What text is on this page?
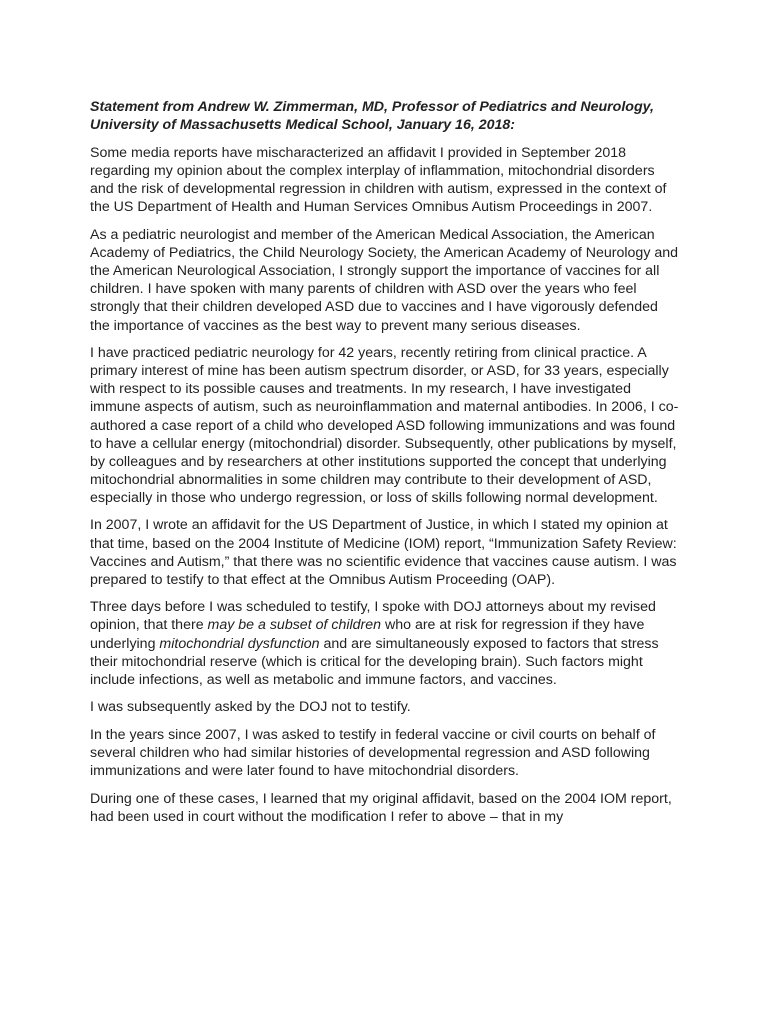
Statement from Andrew W. Zimmerman, MD, Professor of Pediatrics and Neurology, University of Massachusetts Medical School, January 16, 2018:

Some media reports have mischaracterized an affidavit I provided in September 2018 regarding my opinion about the complex interplay of inflammation, mitochondrial disorders and the risk of developmental regression in children with autism, expressed in the context of the US Department of Health and Human Services Omnibus Autism Proceedings in 2007.

As a pediatric neurologist and member of the American Medical Association, the American Academy of Pediatrics, the Child Neurology Society, the American Academy of Neurology and the American Neurological Association, I strongly support the importance of vaccines for all children. I have spoken with many parents of children with ASD over the years who feel strongly that their children developed ASD due to vaccines and I have vigorously defended the importance of vaccines as the best way to prevent many serious diseases.

I have practiced pediatric neurology for 42 years, recently retiring from clinical practice. A primary interest of mine has been autism spectrum disorder, or ASD, for 33 years, especially with respect to its possible causes and treatments. In my research, I have investigated immune aspects of autism, such as neuroinflammation and maternal antibodies. In 2006, I co-authored a case report of a child who developed ASD following immunizations and was found to have a cellular energy (mitochondrial) disorder. Subsequently, other publications by myself, by colleagues and by researchers at other institutions supported the concept that underlying mitochondrial abnormalities in some children may contribute to their development of ASD, especially in those who undergo regression, or loss of skills following normal development.

In 2007, I wrote an affidavit for the US Department of Justice, in which I stated my opinion at that time, based on the 2004 Institute of Medicine (IOM) report, “Immunization Safety Review: Vaccines and Autism,” that there was no scientific evidence that vaccines cause autism. I was prepared to testify to that effect at the Omnibus Autism Proceeding (OAP).

Three days before I was scheduled to testify, I spoke with DOJ attorneys about my revised opinion, that there may be a subset of children who are at risk for regression if they have underlying mitochondrial dysfunction and are simultaneously exposed to factors that stress their mitochondrial reserve (which is critical for the developing brain). Such factors might include infections, as well as metabolic and immune factors, and vaccines.

I was subsequently asked by the DOJ not to testify.

In the years since 2007, I was asked to testify in federal vaccine or civil courts on behalf of several children who had similar histories of developmental regression and ASD following immunizations and were later found to have mitochondrial disorders.

During one of these cases, I learned that my original affidavit, based on the 2004 IOM report, had been used in court without the modification I refer to above – that in my
